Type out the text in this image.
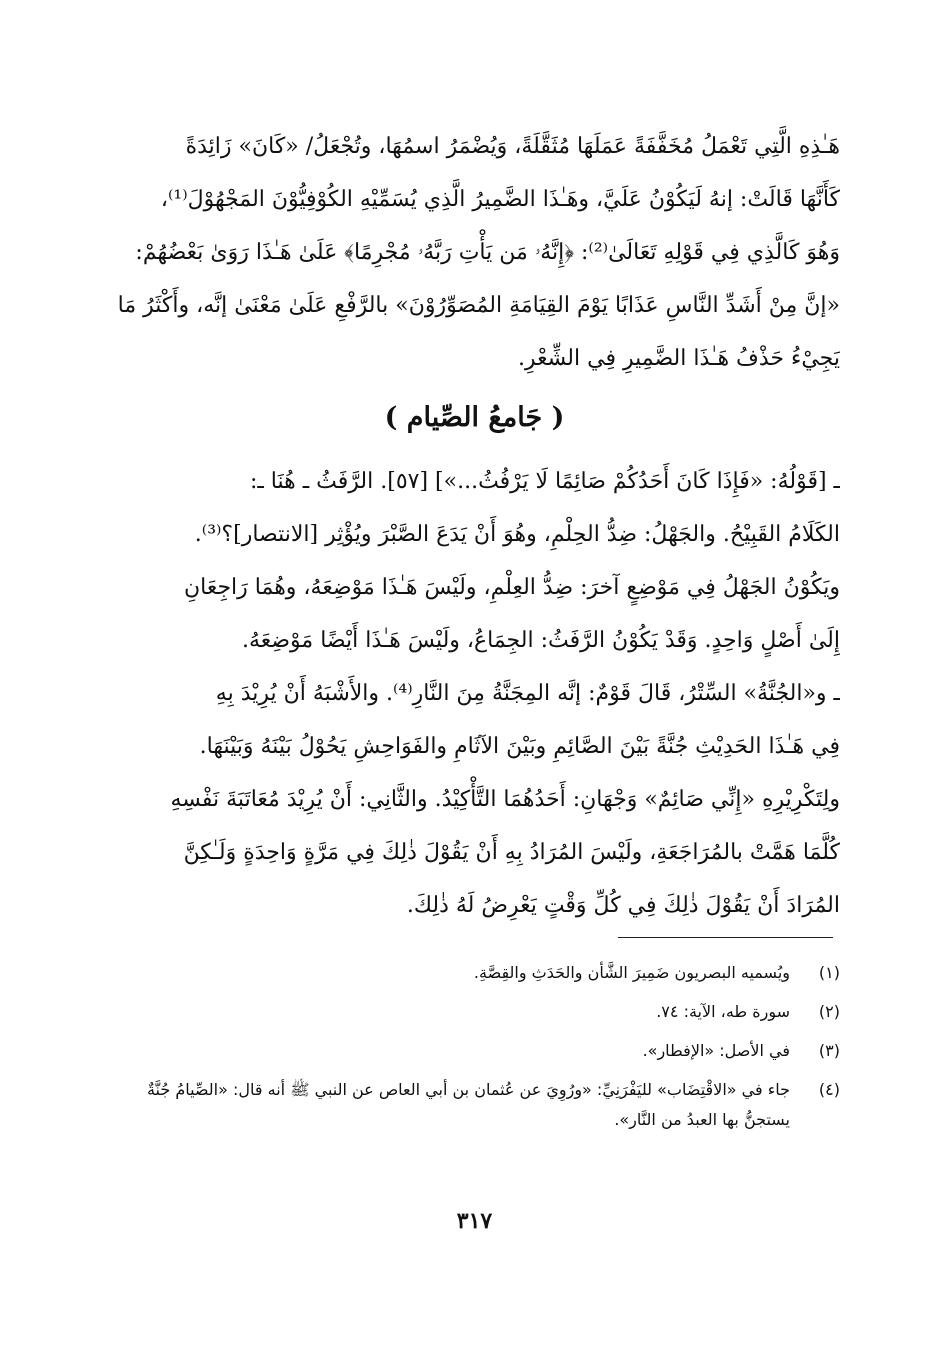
هَـٰذِهِ الَّتِي تَعْمَلُ مُخَفَّفَةً عَمَلَهَا مُثَقَّلَةً، وَيُضْمَرُ اسمُهَا، وتُجْعَلُ/ «كَانَ» زَائِدَةً
كَأَنَّهَا قَالَتْ: إنهُ لَيَكُوْنُ عَلَيَّ، وهَـٰذَا الضَّمِيرُ الَّذِي يُسَمِّيْهِ الكُوْفِيُّوْنَ المَجْهُوْلَ⁽¹⁾،
وَهُوَ كَالَّذِي فِي قَوْلِهِ تَعَالَىٰ⁽²⁾: ﴿إِنَّهُۥ مَن يَأْتِ رَبَّهُۥ مُجْرِمًا﴾ عَلَىٰ هَـٰذَا رَوَىٰ بَعْضُهُمْ:
«إنَّ مِنْ أَشَدِّ النَّاسِ عَذَابًا يَوْمَ القِيَامَةِ المُصَوِّرُوْنَ» بالرَّفْعِ عَلَىٰ مَعْنَىٰ إنَّه، وأَكْثَرُ مَا
يَجِيْءُ حَذْفُ هَـٰذَا الضَّمِيرِ فِي الشِّعْرِ.
( جَامعُ الصِّيام )
ـ [قَوْلُهُ: «فَإِذَا كَانَ أَحَدُكُمْ صَائِمًا لَا يَرْفُثُ...»] [٥٧]. الرَّفَثُ ـ هُنَا ـ:
الكَلَامُ القَبِيْحُ. والجَهْلُ: ضِدُّ الحِلْمِ، وهُوَ أَنْ يَدَعَ الصَّبْرَ ويُؤْثِر [الانتصار]؟⁽³⁾.
ويَكُوْنُ الجَهْلُ فِي مَوْضِعٍ آخرَ: ضِدُّ العِلْمِ، ولَيْسَ هَـٰذَا مَوْضِعَهُ، وهُمَا رَاجِعَانِ
إِلَىٰ أَصْلٍ وَاحِدٍ. وَقَدْ يَكُوْنُ الرَّفَثُ: الجِمَاعُ، ولَيْسَ هَـٰذَا أَيْضًا مَوْضِعَهُ.
ـ و«الجُنَّةُ» السِّتْرُ، قَالَ قَوْمٌ: إنَّه المِجَنَّةُ مِنَ النَّارِ⁽⁴⁾. والأَشْبَهُ أَنْ يُرِيْدَ بِهِ
فِي هَـٰذَا الحَدِيْثِ جُنَّةً بَيْنَ الصَّائِمِ وبَيْنَ الآثَامِ والفَوَاحِشِ يَحُوْلُ بَيْنَهُ وَبَيْنَهَا.
ولِتَكْرِيْرِهِ «إِنِّي صَائِمٌ» وَجْهَانِ: أَحَدُهُمَا التَّأْكِيْدُ. والثَّانِي: أَنْ يُرِيْدَ مُعَاتَبَةَ نَفْسِهِ
كُلَّمَا هَمَّتْ بالمُرَاجَعَةِ، ولَيْسَ المُرَادُ بِهِ أَنْ يَقُوْلَ ذٰلِكَ فِي مَرَّةٍ وَاحِدَةٍ وَلَـٰكِنَّ
المُرَادَ أَنْ يَقُوْلَ ذٰلِكَ فِي كُلِّ وَقْتٍ يَعْرِضُ لَهُ ذٰلِكَ.
(١)
ويُسميه البصريون ضَمِيرَ الشَّأن والحَدَثِ والقِصَّةِ.
(٢)
سورة طه، الآية: ٧٤.
(٣)
في الأصل: «الإفطار».
(٤)
جاء في «الاقْتِضَاب» لليَفْرَنِيِّ: «ورُوِيَ عن عُثمان بن أبي العاص عن النبي ﷺ أنه قال: «الصِّيامُ جُنَّةٌ يستجنُّ بها العبدُ من النَّار».
٣١٧
